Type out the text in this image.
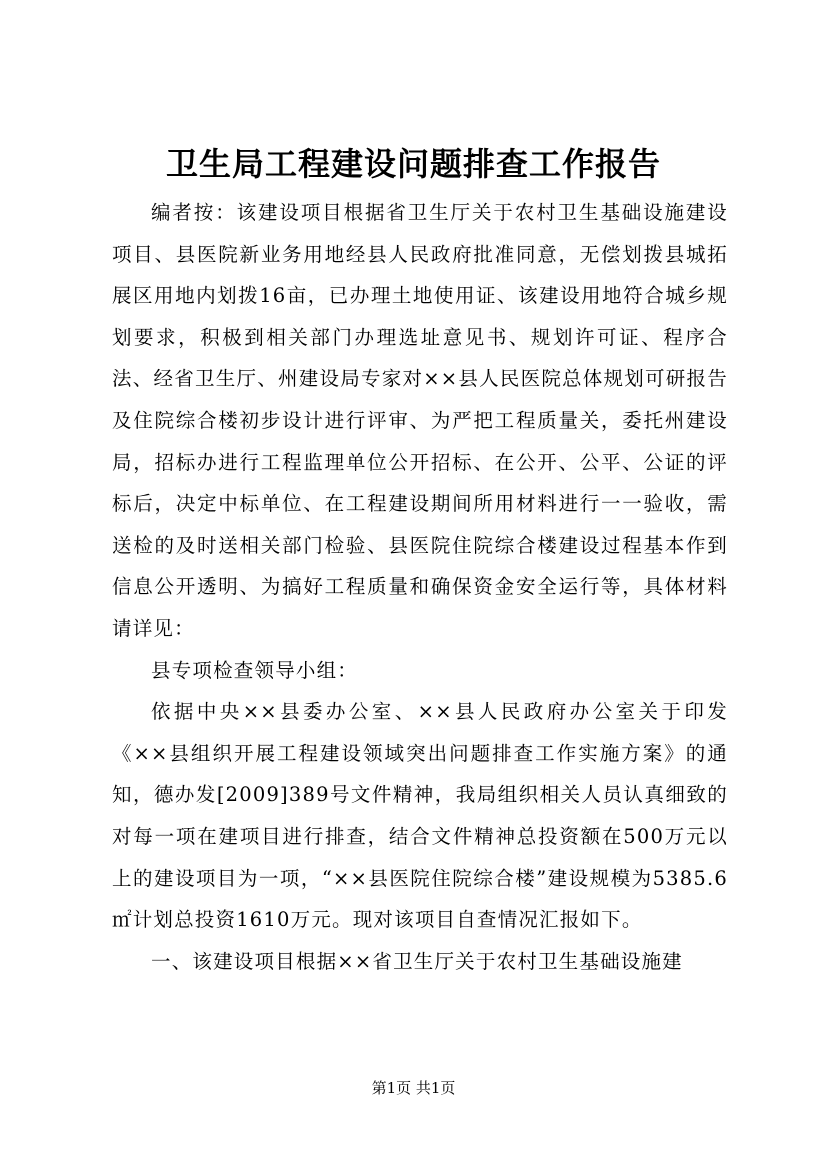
卫生局工程建设问题排查工作报告

编者按：该建设项目根据省卫生厅关于农村卫生基础设施建设项目、县医院新业务用地经县人民政府批准同意，无偿划拨县城拓展区用地内划拨16亩，已办理土地使用证、该建设用地符合城乡规划要求，积极到相关部门办理选址意见书、规划许可证、程序合法、经省卫生厅、州建设局专家对××县人民医院总体规划可研报告及住院综合楼初步设计进行评审、为严把工程质量关，委托州建设局，招标办进行工程监理单位公开招标、在公开、公平、公证的评标后，决定中标单位、在工程建设期间所用材料进行一一验收，需送检的及时送相关部门检验、县医院住院综合楼建设过程基本作到信息公开透明、为搞好工程质量和确保资金安全运行等，具体材料请详见：

县专项检查领导小组：

依据中央××县委办公室、××县人民政府办公室关于印发《××县组织开展工程建设领域突出问题排查工作实施方案》的通知，德办发[2009]389号文件精神，我局组织相关人员认真细致的对每一项在建项目进行排查，结合文件精神总投资额在500万元以上的建设项目为一项，“××县医院住院综合楼”建设规模为5385.6㎡计划总投资1610万元。现对该项目自查情况汇报如下。

一、该建设项目根据××省卫生厅关于农村卫生基础设施建

第1页 共1页
